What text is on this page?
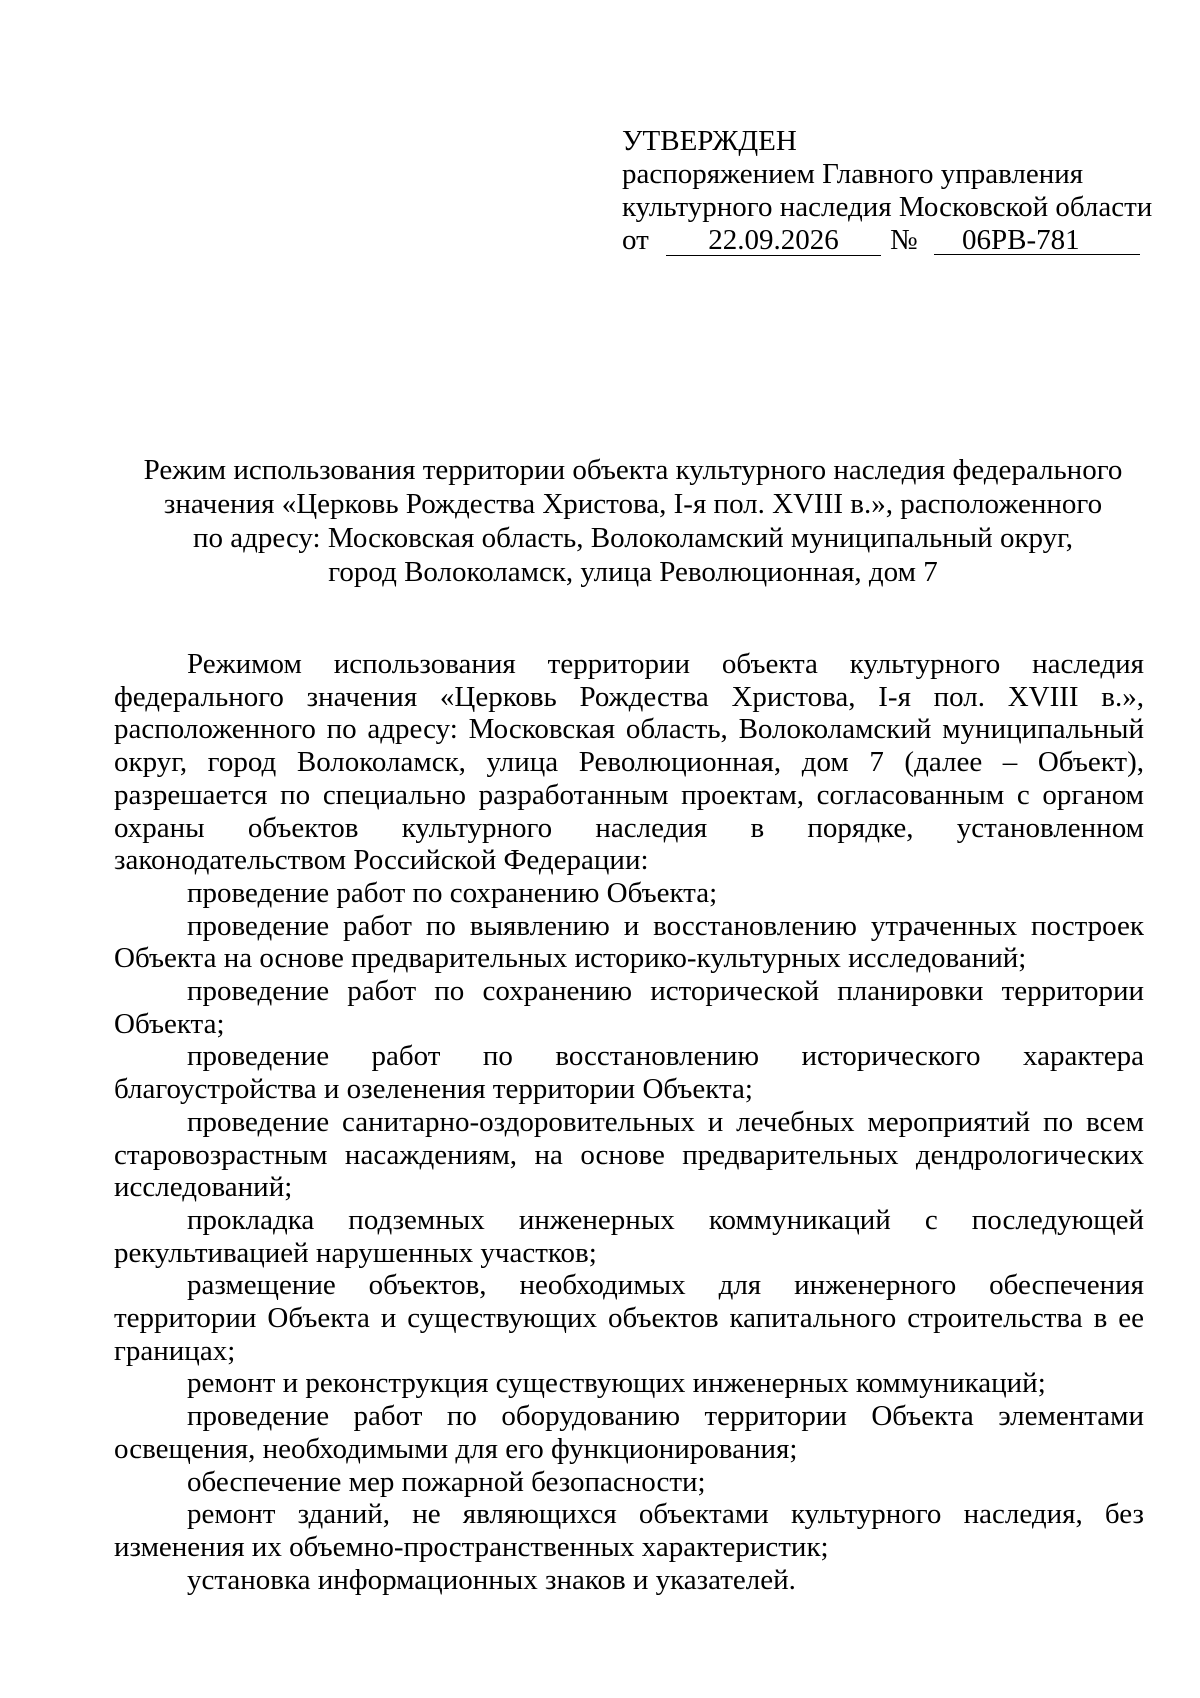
УТВЕРЖДЕН
распоряжением Главного управления
культурного наследия Московской области
от	22.09.2026	№	06РВ-781
Режим использования территории объекта культурного наследия федерального
значения «Церковь Рождества Христова, I-я пол. XVIII в.», расположенного
по адресу: Московская область, Волоколамский муниципальный округ,
город Волоколамск, улица Революционная, дом 7

Режимом использования территории объекта культурного наследия федерального значения «Церковь Рождества Христова, I-я пол. XVIII в.», расположенного по адресу: Московская область, Волоколамский муниципальный округ, город Волоколамск, улица Революционная, дом 7 (далее – Объект), разрешается по специально разработанным проектам, согласованным с органом охраны объектов культурного наследия в порядке, установленном законодательством Российской Федерации:

проведение работ по сохранению Объекта;

проведение работ по выявлению и восстановлению утраченных построек Объекта на основе предварительных историко-культурных исследований;

проведение работ по сохранению исторической планировки территории Объекта;

проведение работ по восстановлению исторического характера благоустройства и озеленения территории Объекта;

проведение санитарно-оздоровительных и лечебных мероприятий по всем старовозрастным насаждениям, на основе предварительных дендрологических исследований;

прокладка подземных инженерных коммуникаций с последующей рекультивацией нарушенных участков;

размещение объектов, необходимых для инженерного обеспечения территории Объекта и существующих объектов капитального строительства в ее границах;

ремонт и реконструкция существующих инженерных коммуникаций;

проведение работ по оборудованию территории Объекта элементами освещения, необходимыми для его функционирования;

обеспечение мер пожарной безопасности;

ремонт зданий, не являющихся объектами культурного наследия, без изменения их объемно-пространственных характеристик;

установка информационных знаков и указателей.
